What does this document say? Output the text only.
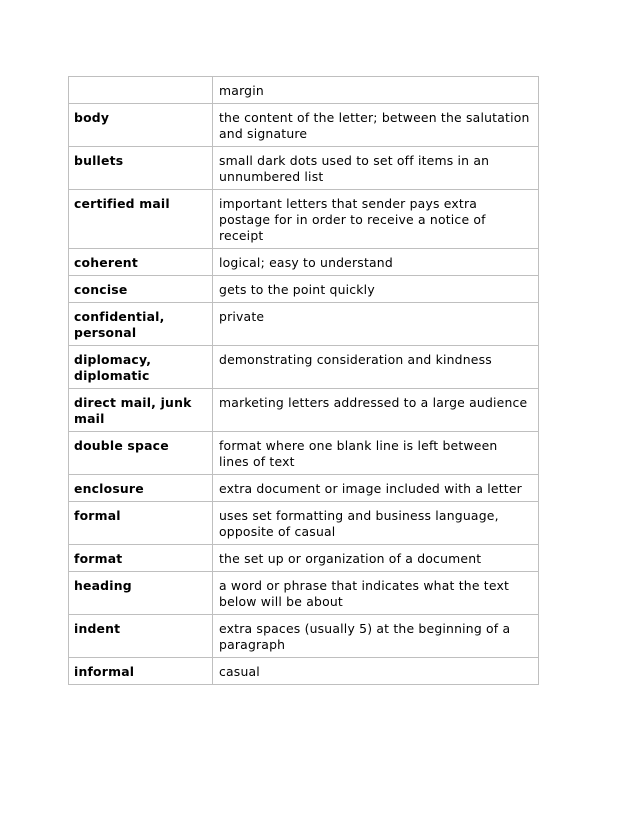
	margin
body	the content of the letter; between the salutation and signature
bullets	small dark dots used to set off items in an unnumbered list
certified mail	important letters that sender pays extra postage for in order to receive a notice of receipt
coherent	logical; easy to understand
concise	gets to the point quickly
confidential, personal	private
diplomacy, diplomatic	demonstrating consideration and kindness
direct mail, junk mail	marketing letters addressed to a large audience
double space	format where one blank line is left between lines of text
enclosure	extra document or image included with a letter
formal	uses set formatting and business language, opposite of casual
format	the set up or organization of a document
heading	a word or phrase that indicates what the text below will be about
indent	extra spaces (usually 5) at the beginning of a paragraph
informal	casual
